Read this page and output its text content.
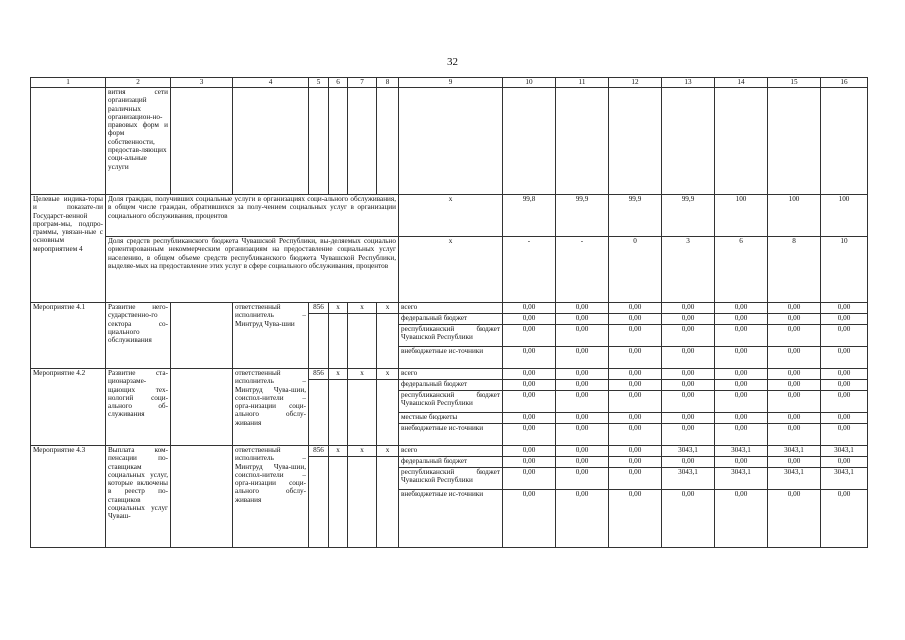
32
1	2	3	4	5	6	7	8	9	10	11	12	13	14	15	16
	вития сети организаций различных организацион-но-правовых форм и форм собственности, предостав-ляющих соци-альные услуги														
Целевые индика-торы и показате-ли Государст-венной програм-мы, подпро-граммы, увязан-ные с основным мероприятием 4	Доля граждан, получивших социальные услуги в организациях соци-ального обслуживания, в общем числе граждан, обратившихся за полу-чением социальных услуг в организации социального обслуживания, процентов							x	99,8	99,9	99,9	99,9	100	100	100
	Доля средств республиканского бюджета Чувашской Республики, вы-деляемых социально ориентированным некоммерческим организациям на предоставление социальных услуг населению, в общем объеме средств республиканского бюджета Чувашской Республики, выделяе-мых на предоставление этих услуг в сфере социального обслуживания, процентов							x	-	-	0	3	6	8	10
Мероприятие 4.1	Развитие него-сударственно-го сектора со-циального обслуживания		ответственный исполнитель – Минтруд Чува-шии	856	x	x	x	всего	0,00	0,00	0,00	0,00	0,00	0,00	0,00
								федеральный бюджет	0,00	0,00	0,00	0,00	0,00	0,00	0,00
								республиканский бюджет Чувашской Республики	0,00	0,00	0,00	0,00	0,00	0,00	0,00
								внебюджетные ис-точники	0,00	0,00	0,00	0,00	0,00	0,00	0,00
Мероприятие 4.2	Развитие ста-ционарзаме-щающих тех-нологий соци-ального об-служивания		ответственный исполнитель – Минтруд Чува-шии, соиспол-нители – орга-низации соци-ального обслу-живания	856	x	x	x	всего	0,00	0,00	0,00	0,00	0,00	0,00	0,00
								федеральный бюджет	0,00	0,00	0,00	0,00	0,00	0,00	0,00
								республиканский бюджет Чувашской Республики	0,00	0,00	0,00	0,00	0,00	0,00	0,00
								местные бюджеты	0,00	0,00	0,00	0,00	0,00	0,00	0,00
								внебюджетные ис-точники	0,00	0,00	0,00	0,00	0,00	0,00	0,00
Мероприятие 4.3	Выплата ком-пенсации по-ставщикам социальных услуг, которые включены в реестр по-ставщиков социальных услуг Чуваш-		ответственный исполнитель – Минтруд Чува-шии, соиспол-нители – орга-низации соци-ального обслу-живания	856	x	x	x	всего	0,00	0,00	0,00	3043,1	3043,1	3043,1	3043,1
								федеральный бюджет	0,00	0,00	0,00	0,00	0,00	0,00	0,00
								республиканский бюджет Чувашской Республики	0,00	0,00	0,00	3043,1	3043,1	3043,1	3043,1
								внебюджетные ис-точники	0,00	0,00	0,00	0,00	0,00	0,00	0,00
